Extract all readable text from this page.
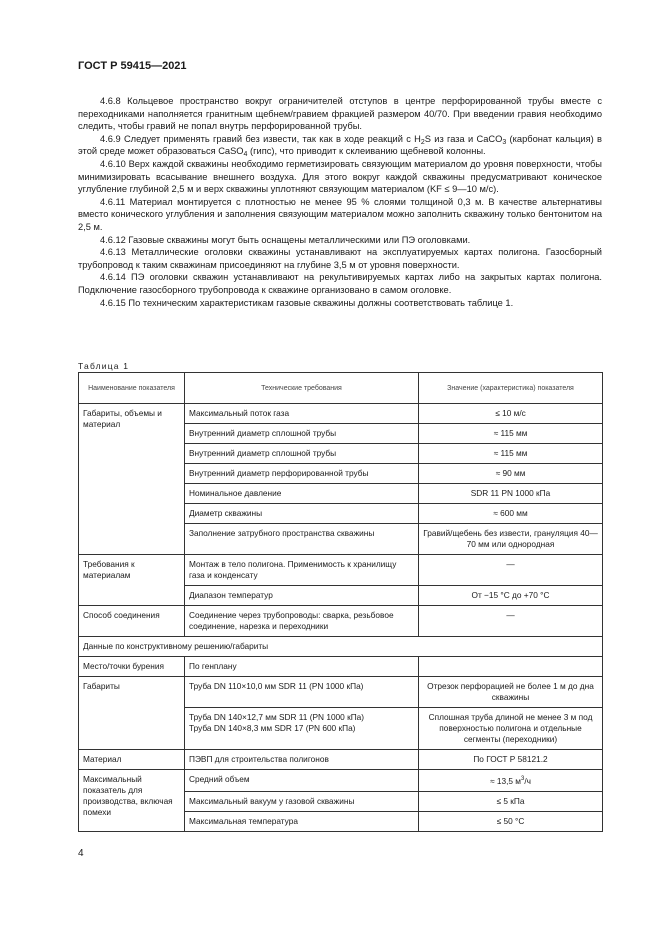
ГОСТ Р 59415—2021

4.6.8 Кольцевое пространство вокруг ограничителей отступов в центре перфорированной трубы вместе с переходниками наполняется гранитным щебнем/гравием фракцией размером 40/70. При введении гравия необходимо следить, чтобы гравий не попал внутрь перфорированной трубы.

4.6.9 Следует применять гравий без извести, так как в ходе реакций с $H_2S$ из газа и CaCO$_3$ (карбонат кальция) в этой среде может образоваться CaSO$_4$ (гипс), что приводит к склеиванию щебневой колонны.

4.6.10 Верх каждой скважины необходимо герметизировать связующим материалом до уровня поверхности, чтобы минимизировать всасывание внешнего воздуха. Для этого вокруг каждой скважины предусматривают коническое углубление глубиной 2,5 м и верх скважины уплотняют связующим материалом (KF ≤ 9—10 м/с).

4.6.11 Материал монтируется с плотностью не менее 95 % слоями толщиной 0,3 м. В качестве альтернативы вместо конического углубления и заполнения связующим материалом можно заполнить скважину только бентонитом на 2,5 м.

4.6.12 Газовые скважины могут быть оснащены металлическими или ПЭ оголовками.

4.6.13 Металлические оголовки скважины устанавливают на эксплуатируемых картах полигона. Газосборный трубопровод к таким скважинам присоединяют на глубине 3,5 м от уровня поверхности.

4.6.14 ПЭ оголовки скважин устанавливают на рекультивируемых картах либо на закрытых картах полигона. Подключение газосборного трубопровода к скважине организовано в самом оголовке.

4.6.15 По техническим характеристикам газовые скважины должны соответствовать таблице 1.

Таблица 1
Наименование показателя	Технические требования	Значение (характеристика) показателя
Габариты, объемы и материал	Максимальный поток газа	≤ 10 м/с
	Внутренний диаметр сплошной трубы	≈ 115 мм
	Внутренний диаметр сплошной трубы	≈ 115 мм
	Внутренний диаметр перфорированной трубы	≈ 90 мм
	Номинальное давление	SDR 11 PN 1000 кПа
	Диаметр скважины	≈ 600 мм
	Заполнение затрубного пространства скважины	Гравий/щебень без извести, грануляция 40—70 мм или однородная
Требования к материалам	Монтаж в тело полигона. Применимость к хранилищу газа и конденсату	—
	Диапазон температур	От −15 °С до +70 °С
Способ соединения	Соединение через трубопроводы: сварка, резьбовое соединение, нарезка и переходники	—
Данные по конструктивному решению/габариты		
Место/точки бурения	По генплану	
Габариты	Труба DN 110×10,0 мм SDR 11 (PN 1000 кПа)	Отрезок перфорацией не более 1 м до дна скважины
	Труба DN 140×12,7 мм SDR 11 (PN 1000 кПа) Труба DN 140×8,3 мм SDR 17 (PN 600 кПа)	Сплошная труба длиной не менее 3 м под поверхностью полигона и отдельные сегменты (переходники)
Материал	ПЭВП для строительства полигонов	По ГОСТ Р 58121.2
Максимальный показатель для производства, включая помехи	Средний объем	≈ 13,5 $м^3/ч$
	Максимальный вакуум у газовой скважины	≤ 5 кПа
	Максимальная температура	≤ 50 °С
4
